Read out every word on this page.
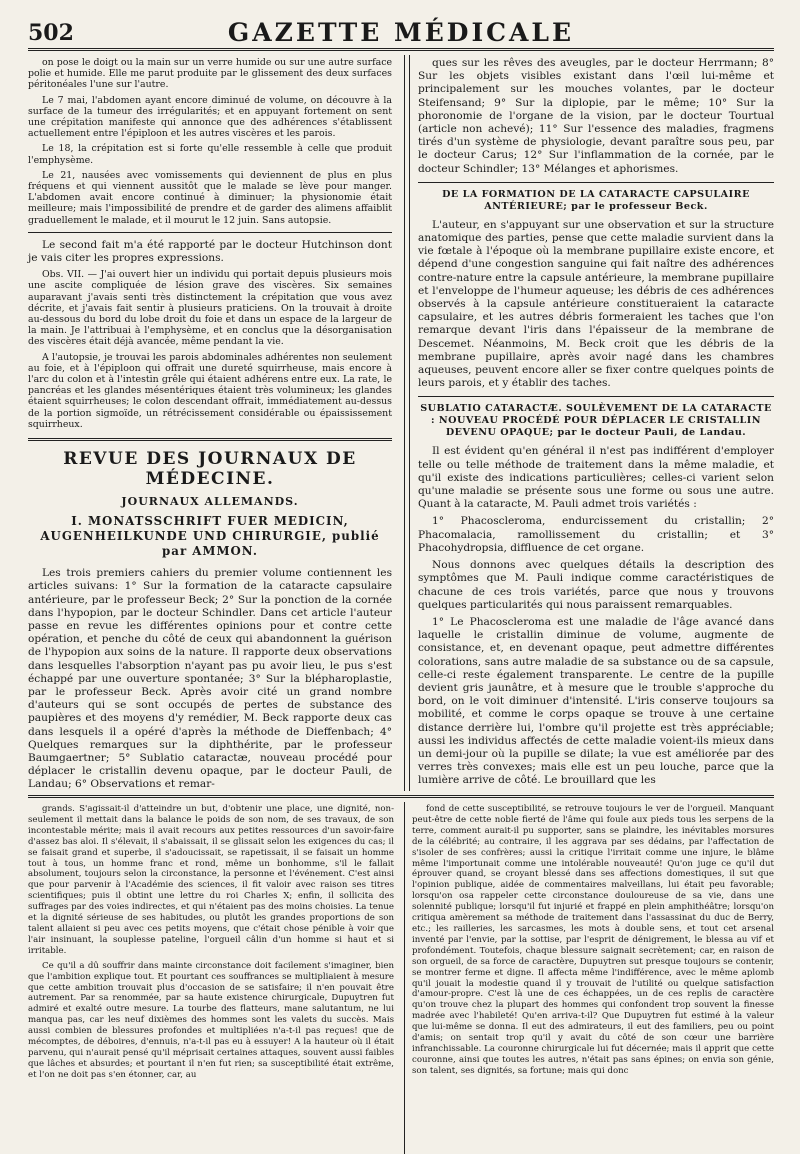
502	GAZETTE MÉDICALE

on pose le doigt ou la main sur un verre humide ou sur une autre surface polie et humide. Elle me parut produite par le glissement des deux surfaces péritonéales l'une sur l'autre.

Le 7 mai, l'abdomen ayant encore diminué de volume, on découvre à la surface de la tumeur des irrégularités; et en appuyant fortement on sent une crépitation manifeste qui annonce que des adhérences s'établissent actuellement entre l'épiploon et les autres viscères et les parois.

Le 18, la crépitation est si forte qu'elle ressemble à celle que produit l'emphysème.

Le 21, nausées avec vomissements qui deviennent de plus en plus fréquens et qui viennent aussitôt que le malade se lève pour manger. L'abdomen avait encore continué à diminuer; la physionomie était meilleure; mais l'impossibilité de prendre et de garder des alimens affaiblit graduellement le malade, et il mourut le 12 juin. Sans autopsie.

Le second fait m'a été rapporté par le docteur Hutchinson dont je vais citer les propres expressions.

Obs. VII. — J'ai ouvert hier un individu qui portait depuis plusieurs mois une ascite compliquée de lésion grave des viscères. Six semaines auparavant j'avais senti très distinctement la crépitation que vous avez décrite, et j'avais fait sentir à plusieurs praticiens. On la trouvait à droite au-dessous du bord du lobe droit du foie et dans un espace de la largeur de la main. Je l'attribuai à l'emphysème, et en conclus que la désorganisation des viscères était déjà avancée, même pendant la vie.

A l'autopsie, je trouvai les parois abdominales adhérentes non seulement au foie, et à l'épiploon qui offrait une dureté squirrheuse, mais encore à l'arc du colon et à l'intestin grêle qui étaient adhérens entre eux. La rate, le pancréas et les glandes mésentériques étaient très volumineux; les glandes étaient squirrheuses; le colon descendant offrait, immédiatement au-dessus de la portion sigmoïde, un rétrécissement considérable ou épaississement squirrheux.

REVUE DES JOURNAUX DE MÉDECINE.
JOURNAUX ALLEMANDS.
I. MONATSSCHRIFT FUER MEDICIN, AUGENHEILKUNDE UND CHIRURGIE, publié par AMMON.

Les trois premiers cahiers du premier volume contiennent les articles suivans: 1° Sur la formation de la cataracte capsulaire antérieure, par le professeur Beck; 2° Sur la ponction de la cornée dans l'hypopion, par le docteur Schindler. Dans cet article l'auteur passe en revue les différentes opinions pour et contre cette opération, et penche du côté de ceux qui abandonnent la guérison de l'hypopion aux soins de la nature. Il rapporte deux observations dans lesquelles l'absorption n'ayant pas pu avoir lieu, le pus s'est échappé par une ouverture spontanée; 3° Sur la blépharoplastie, par le professeur Beck. Après avoir cité un grand nombre d'auteurs qui se sont occupés de pertes de substance des paupières et des moyens d'y remédier, M. Beck rapporte deux cas dans lesquels il a opéré d'après la méthode de Dieffenbach; 4° Quelques remarques sur la diphthérite, par le professeur Baumgaertner; 5° Sublatio cataractæ, nouveau procédé pour déplacer le cristallin devenu opaque, par le docteur Pauli, de Landau; 6° Observations et remar-

ques sur les rêves des aveugles, par le docteur Herrmann; 8° Sur les objets visibles existant dans l'œil lui-même et principalement sur les mouches volantes, par le docteur Steifensand; 9° Sur la diplopie, par le même; 10° Sur la phoronomie de l'organe de la vision, par le docteur Tourtual (article non achevé); 11° Sur l'essence des maladies, fragmens tirés d'un système de physiologie, devant paraître sous peu, par le docteur Carus; 12° Sur l'inflammation de la cornée, par le docteur Schindler; 13° Mélanges et aphorismes.

DE LA FORMATION DE LA CATARACTE CAPSULAIRE ANTÉRIEURE; par le professeur Beck.

L'auteur, en s'appuyant sur une observation et sur la structure anatomique des parties, pense que cette maladie survient dans la vie fœtale à l'époque où la membrane pupillaire existe encore, et dépend d'une congestion sanguine qui fait naître des adhérences contre-nature entre la capsule antérieure, la membrane pupillaire et l'enveloppe de l'humeur aqueuse; les débris de ces adhérences observés à la capsule antérieure constitueraient la cataracte capsulaire, et les autres débris formeraient les taches que l'on remarque devant l'iris dans l'épaisseur de la membrane de Descemet. Néanmoins, M. Beck croit que les débris de la membrane pupillaire, après avoir nagé dans les chambres aqueuses, peuvent encore aller se fixer contre quelques points de leurs parois, et y établir des taches.

SUBLATIO CATARACTÆ. SOULÈVEMENT DE LA CATARACTE : NOUVEAU PROCÉDÉ POUR DÉPLACER LE CRISTALLIN DEVENU OPAQUE; par le docteur Pauli, de Landau.

Il est évident qu'en général il n'est pas indifférent d'employer telle ou telle méthode de traitement dans la même maladie, et qu'il existe des indications particulières; celles-ci varient selon qu'une maladie se présente sous une forme ou sous une autre. Quant à la cataracte, M. Pauli admet trois variétés :

1° Phacoscleroma, endurcissement du cristallin; 2° Phacomalacia, ramollissement du cristallin; et 3° Phacohydropsia, diffluence de cet organe.

Nous donnons avec quelques détails la description des symptômes que M. Pauli indique comme caractéristiques de chacune de ces trois variétés, parce que nous y trouvons quelques particularités qui nous paraissent remarquables.

1° Le Phacoscleroma est une maladie de l'âge avancé dans laquelle le cristallin diminue de volume, augmente de consistance, et, en devenant opaque, peut admettre différentes colorations, sans autre maladie de sa substance ou de sa capsule, celle-ci reste également transparente. Le centre de la pupille devient gris jaunâtre, et à mesure que le trouble s'approche du bord, on le voit diminuer d'intensité. L'iris conserve toujours sa mobilité, et comme le corps opaque se trouve à une certaine distance derrière lui, l'ombre qu'il projette est très appréciable; aussi les individus affectés de cette maladie voient-ils mieux dans un demi-jour où la pupille se dilate; la vue est améliorée par des verres très convexes; mais elle est un peu louche, parce que la lumière arrive de côté. Le brouillard que les

grands. S'agissait-il d'atteindre un but, d'obtenir une place, une dignité, non-seulement il mettait dans la balance le poids de son nom, de ses travaux, de son incontestable mérite; mais il avait recours aux petites ressources d'un savoir-faire d'assez bas aloi. Il s'élevait, il s'abaissait, il se glissait selon les exigences du cas; il se faisait grand et superbe, il s'adoucissait, se rapetissait, il se faisait un homme tout à tous, un homme franc et rond, même un bonhomme, s'il le fallait absolument, toujours selon la circonstance, la personne et l'événement. C'est ainsi que pour parvenir à l'Académie des sciences, il fit valoir avec raison ses titres scientifiques; puis il obtint une lettre du roi Charles X; enfin, il sollicita des suffrages par des voies indirectes, et qui n'étaient pas des moins choisies. La tenue et la dignité sérieuse de ses habitudes, ou plutôt les grandes proportions de son talent allaient si peu avec ces petits moyens, que c'était chose pénible à voir que l'air insinuant, la souplesse pateline, l'orgueil câlin d'un homme si haut et si irritable.

Ce qu'il a dû souffrir dans mainte circonstance doit facilement s'imaginer, bien que l'ambition explique tout. Et pourtant ces souffrances se multipliaient à mesure que cette ambition trouvait plus d'occasion de se satisfaire; il n'en pouvait être autrement. Par sa renommée, par sa haute existence chirurgicale, Dupuytren fut admiré et exalté outre mesure. La tourbe des flatteurs, mane salutantum, ne lui manqua pas, car les neuf dixièmes des hommes sont les valets du succès. Mais aussi combien de blessures profondes et multipliées n'a-t-il pas reçues! que de mécomptes, de déboires, d'ennuis, n'a-t-il pas eu à essuyer! A la hauteur où il était parvenu, qui n'aurait pensé qu'il méprisait certaines attaques, souvent aussi faibles que lâches et absurdes; et pourtant il n'en fut rien; sa susceptibilité était extrême, et l'on ne doit pas s'en étonner, car, au

fond de cette susceptibilité, se retrouve toujours le ver de l'orgueil. Manquant peut-être de cette noble fierté de l'âme qui foule aux pieds tous les serpens de la terre, comment aurait-il pu supporter, sans se plaindre, les inévitables morsures de la célébrité; au contraire, il les aggrava par ses dédains, par l'affectation de s'isoler de ses confrères; aussi la critique l'irritait comme une injure, le blâme même l'importunait comme une intolérable nouveauté! Qu'on juge ce qu'il dut éprouver quand, se croyant blessé dans ses affections domestiques, il sut que l'opinion publique, aidée de commentaires malveillans, lui était peu favorable; lorsqu'on osa rappeler cette circonstance douloureuse de sa vie, dans une solennité publique; lorsqu'il fut injurié et frappé en plein amphithéâtre; lorsqu'on critiqua amèrement sa méthode de traitement dans l'assassinat du duc de Berry, etc.; les railleries, les sarcasmes, les mots à double sens, et tout cet arsenal inventé par l'envie, par la sottise, par l'esprit de dénigrement, le blessa au vif et profondément. Toutefois, chaque blessure saignait secrètement; car, en raison de son orgueil, de sa force de caractère, Dupuytren sut presque toujours se contenir, se montrer ferme et digne. Il affecta même l'indifférence, avec le même aplomb qu'il jouait la modestie quand il y trouvait de l'utilité ou quelque satisfaction d'amour-propre. C'est là une de ces échappées, un de ces replis de caractère qu'on trouve chez la plupart des hommes qui confondent trop souvent la finesse madrée avec l'habileté! Qu'en arriva-t-il? Que Dupuytren fut estimé à la valeur que lui-même se donna. Il eut des admirateurs, il eut des familiers, peu ou point d'amis; on sentait trop qu'il y avait du côté de son cœur une barrière infranchissable. La couronne chirurgicale lui fut décernée; mais il apprit que cette couronne, ainsi que toutes les autres, n'était pas sans épines; on envia son génie, son talent, ses dignités, sa fortune; mais qui donc
